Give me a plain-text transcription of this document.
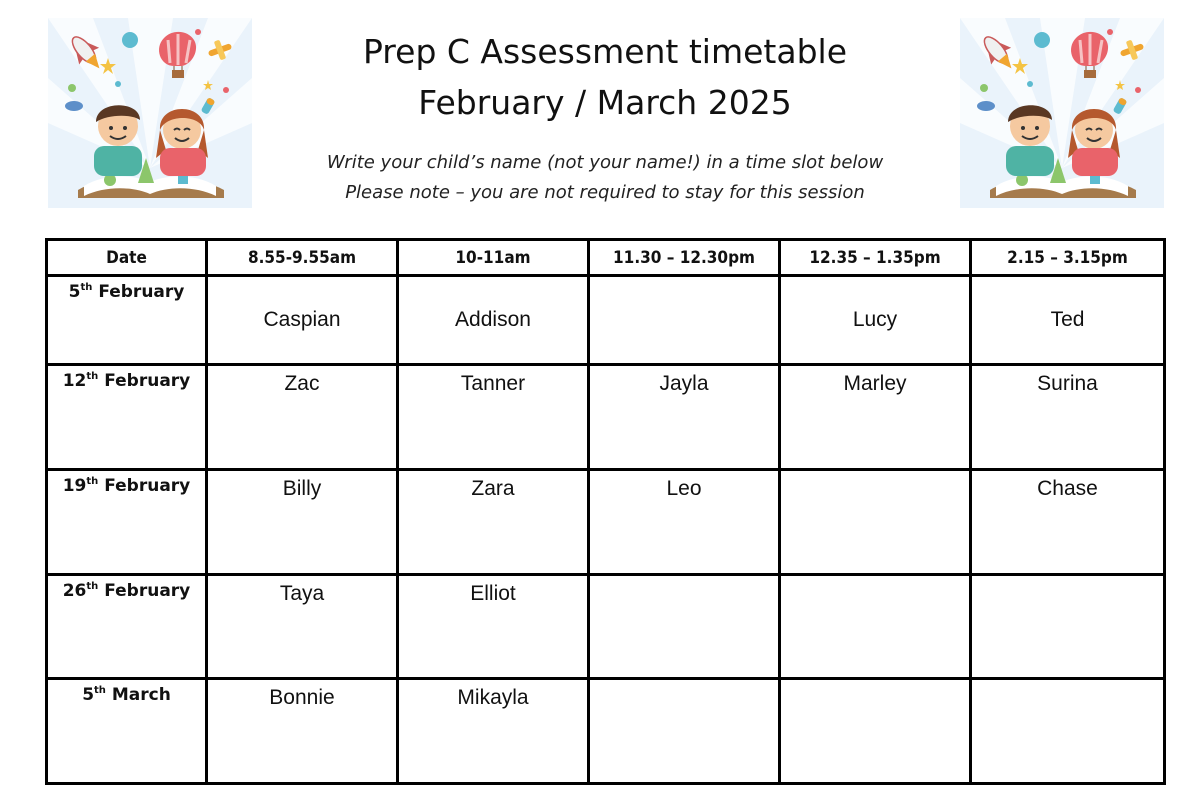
Prep C Assessment timetable
February / March 2025
Write your child’s name (not your name!) in a time slot below
Please note – you are not required to stay for this session
Date	8.55-9.55am	10-11am	11.30 – 12.30pm	12.35 – 1.35pm	2.15 – 3.15pm
5th February	Caspian	Addison		Lucy	Ted
12th February	Zac	Tanner	Jayla	Marley	Surina
19th February	Billy	Zara	Leo		Chase
26th February	Taya	Elliot			
5th March	Bonnie	Mikayla			
